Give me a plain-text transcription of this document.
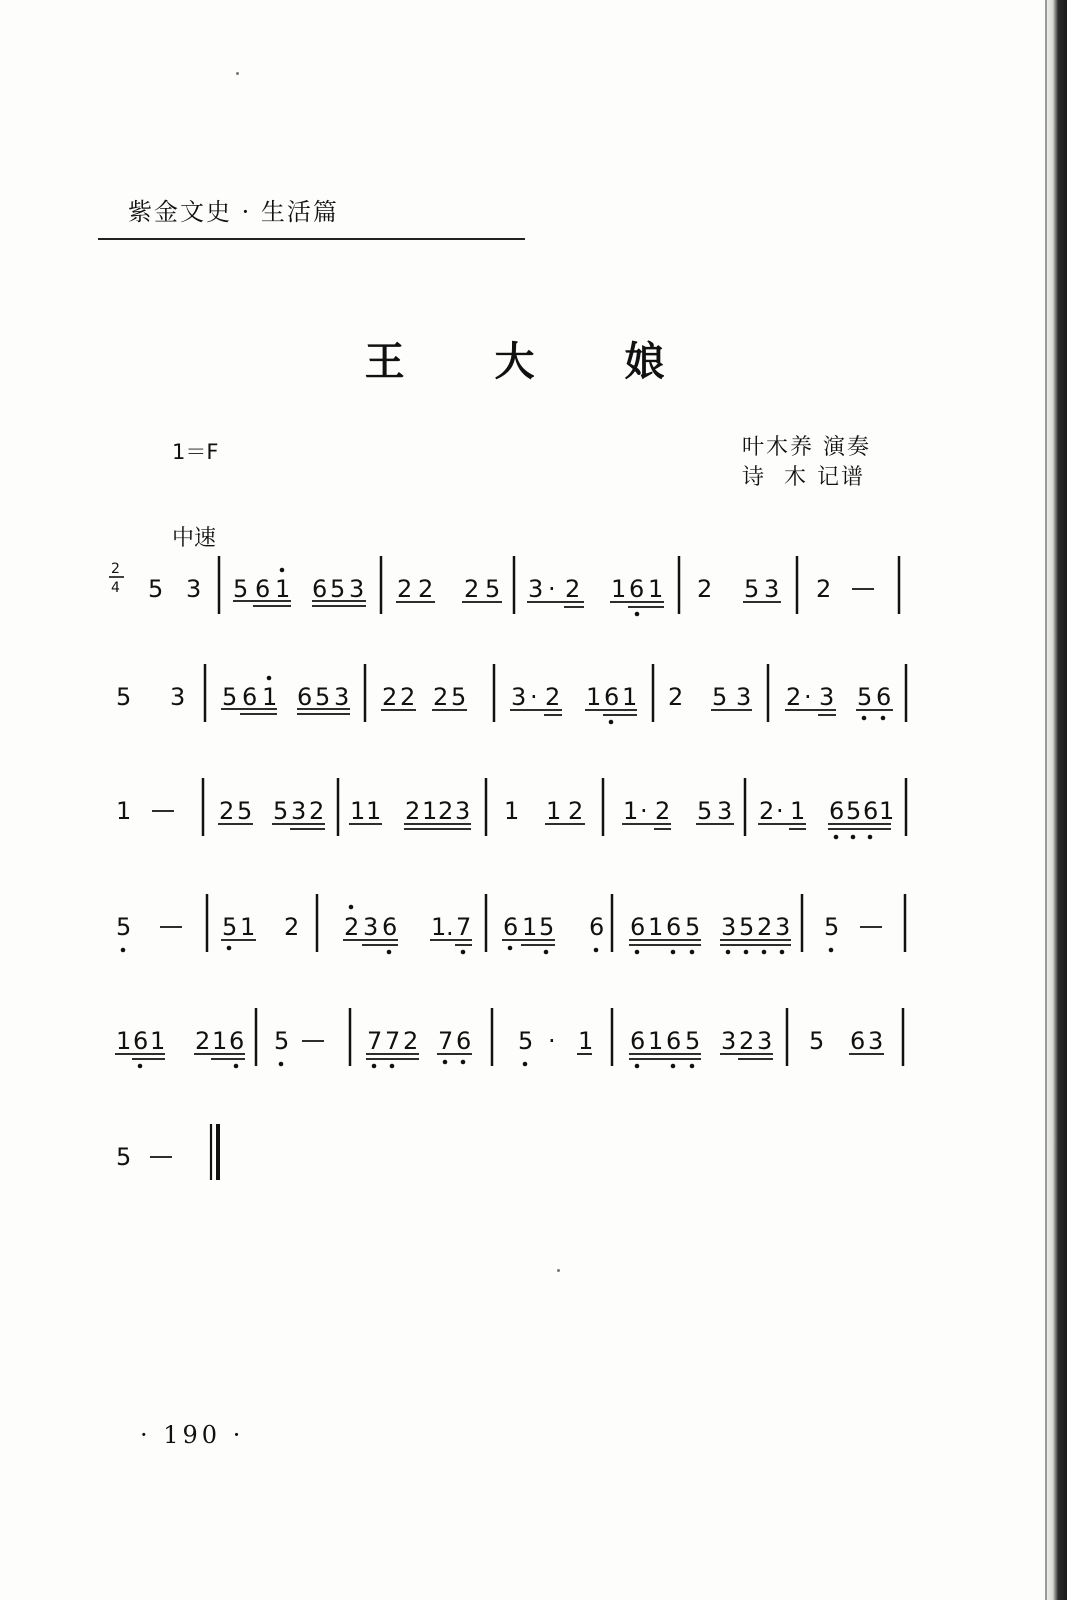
紫金文史 · 生活篇
王 大 娘
1＝F	叶木养 演奏
诗  木 记谱
中速
2
4 5 3 5 6 1 6 5 3 2 2 2 5 3 · 2 1 6 1 2 5 3 2
5 3 5 6 1 6 5 3 2 2 2 5 3 · 2 1 6 1 2 5 3 2 · 3 5 6
1	2 5 5 3 2 1 1 2 1 2 3 1 1 2 1 · 2 5 3 2 · 1 6 5 6 1
5	5 1 2 2 3 6 1 . 7 6 1 5 6 6 1 6 5 3 5 2 3 5
1 6 1 2 1 6 5	7 7 2 7 6 5 · 1 6 1 6 5 3 2 3 5 6 3
5
· 190 ·
